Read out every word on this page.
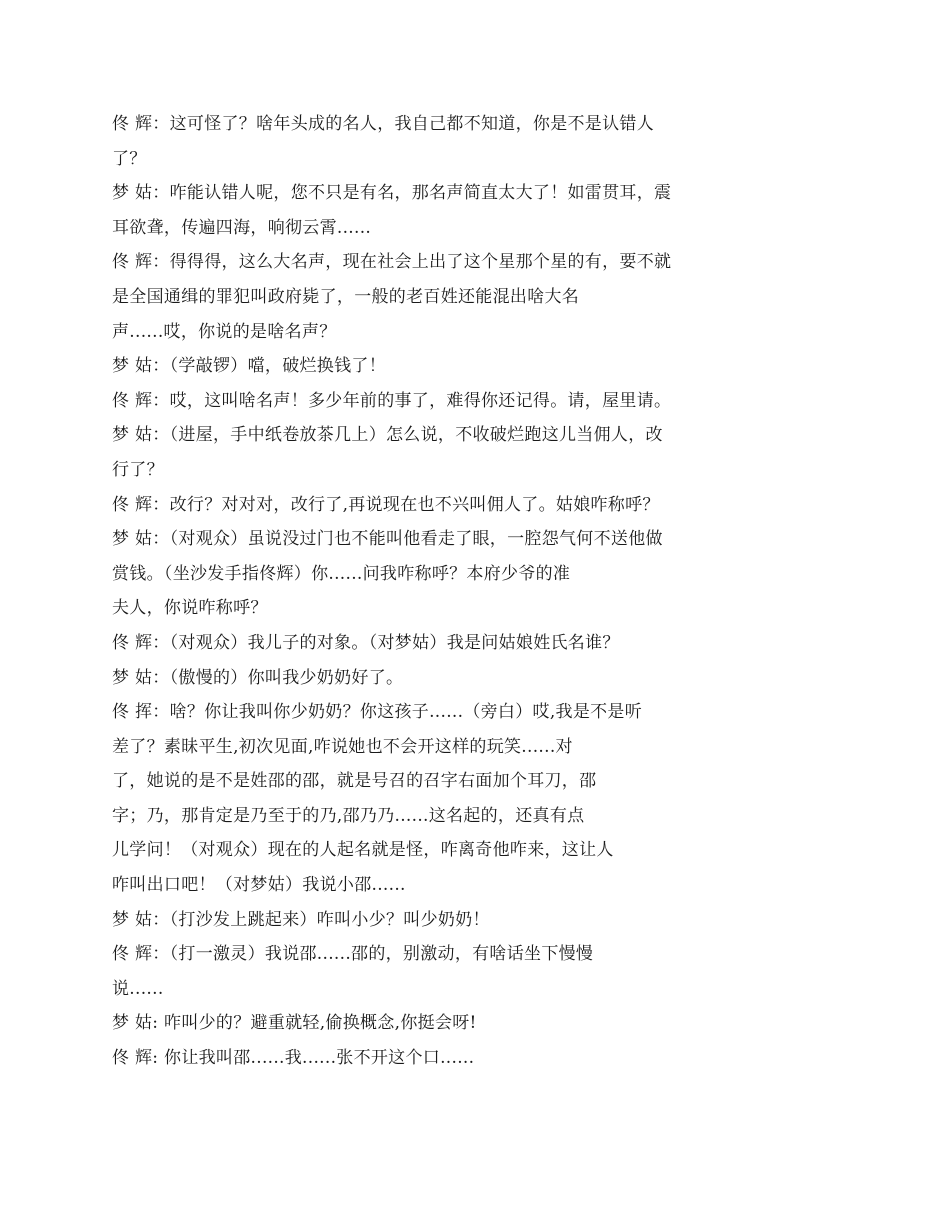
佟 辉：这可怪了？啥年头成的名人，我自己都不知道，你是不是认错人
了？
梦 姑：咋能认错人呢，您不只是有名，那名声简直太大了！如雷贯耳，震
耳欲聋，传遍四海，响彻云霄......
佟 辉：得得得，这么大名声，现在社会上出了这个星那个星的有，要不就
是全国通缉的罪犯叫政府毙了，一般的老百姓还能混出啥大名
声......哎，你说的是啥名声？
梦 姑：（学敲锣）噹，破烂换钱了！
佟 辉：哎，这叫啥名声！多少年前的事了，难得你还记得。请，屋里请。
梦 姑：（进屋，手中纸卷放茶几上）怎么说，不收破烂跑这儿当佣人，改
行了？
佟 辉：改行？对对对，改行了,再说现在也不兴叫佣人了。姑娘咋称呼？
梦 姑：（对观众）虽说没过门也不能叫他看走了眼，一腔怨气何不送他做
赏钱。（坐沙发手指佟辉）你......问我咋称呼？本府少爷的准
夫人，你说咋称呼？
佟 辉：（对观众）我儿子的对象。（对梦姑）我是问姑娘姓氏名谁？
梦 姑：（傲慢的）你叫我少奶奶好了。
佟 挥：啥？你让我叫你少奶奶？你这孩子......（旁白）哎,我是不是听
差了？素昧平生,初次见面,咋说她也不会开这样的玩笑......对
了，她说的是不是姓邵的邵，就是号召的召字右面加个耳刀，邵
字；乃，那肯定是乃至于的乃,邵乃乃......这名起的，还真有点
儿学问！（对观众）现在的人起名就是怪，咋离奇他咋来，这让人
咋叫出口吧！（对梦姑）我说小邵......
梦 姑：（打沙发上跳起来）咋叫小少？叫少奶奶！
佟 辉：（打一激灵）我说邵......邵的，别激动，有啥话坐下慢慢
说......
梦 姑: 咋叫少的？避重就轻,偷换概念,你挺会呀!
佟 辉: 你让我叫邵......我......张不开这个口......
